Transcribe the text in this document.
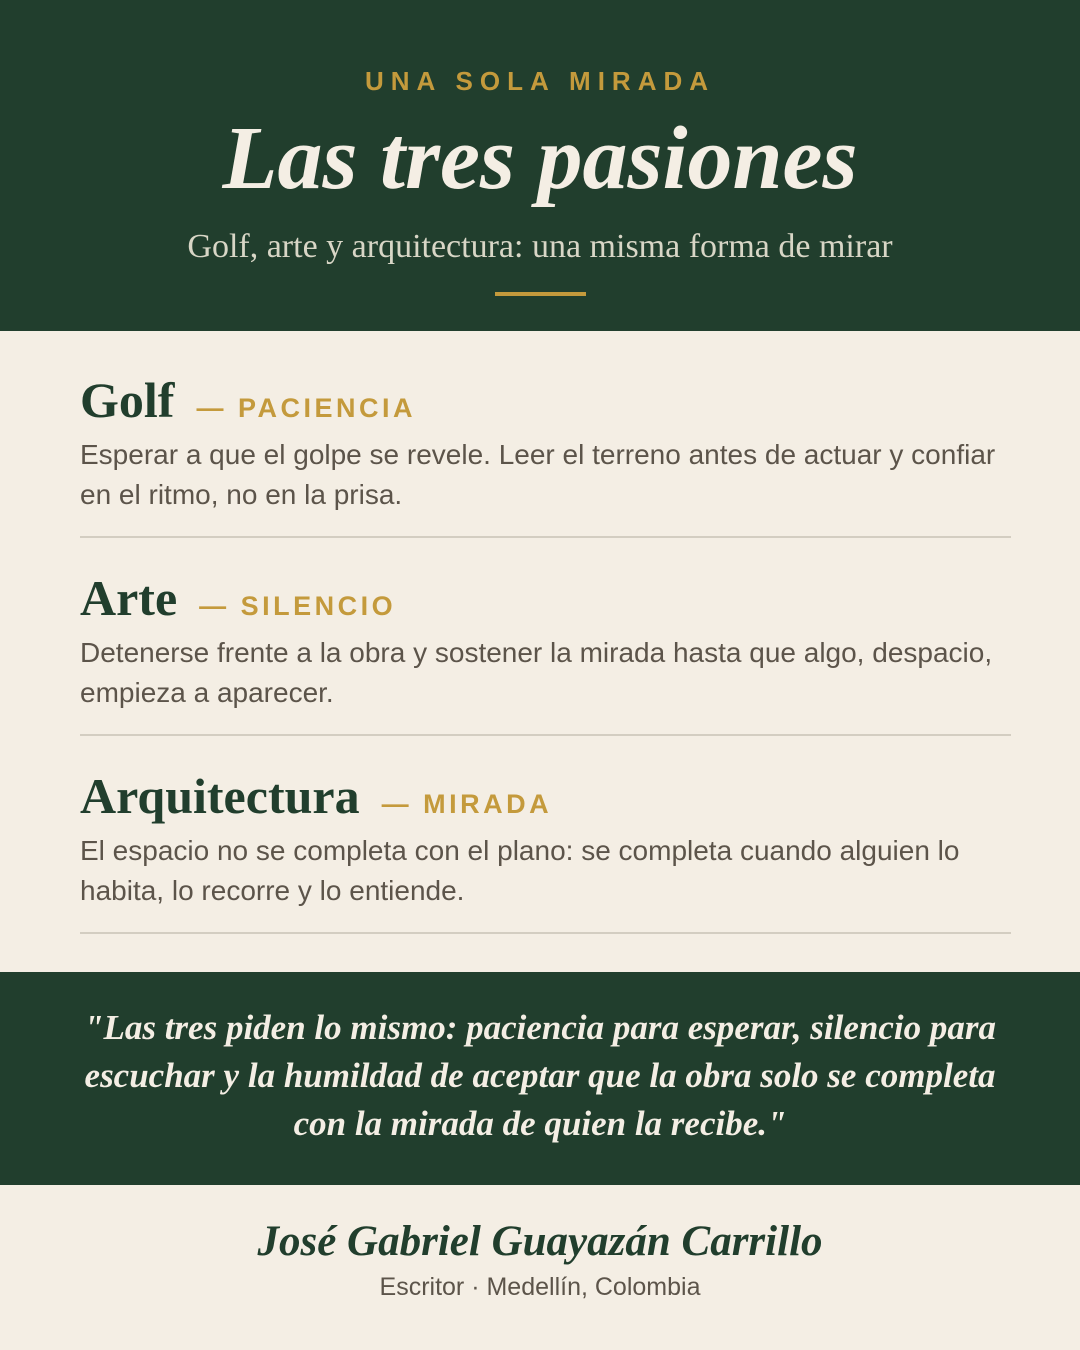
UNA SOLA MIRADA
Las tres pasiones
Golf, arte y arquitectura: una misma forma de mirar
Golf — PACIENCIA
Esperar a que el golpe se revele. Leer el terreno antes de actuar y confiar en el ritmo, no en la prisa.
Arte — SILENCIO
Detenerse frente a la obra y sostener la mirada hasta que algo, despacio, empieza a aparecer.
Arquitectura — MIRADA
El espacio no se completa con el plano: se completa cuando alguien lo habita, lo recorre y lo entiende.
"Las tres piden lo mismo: paciencia para esperar, silencio para escuchar y la humildad de aceptar que la obra solo se completa con la mirada de quien la recibe."
José Gabriel Guayazán Carrillo
Escritor · Medellín, Colombia
